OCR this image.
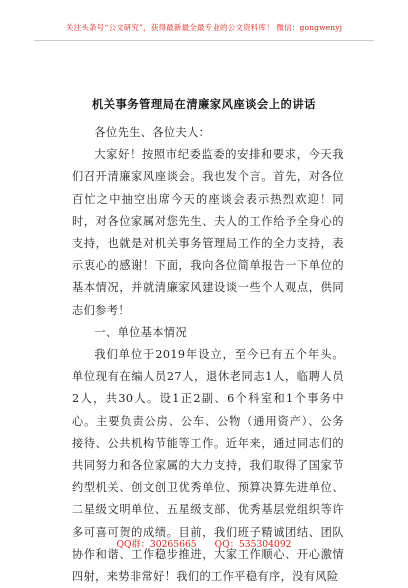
关注头条号“公文研究”，获得最新最全最专业的公文资料库！ 微信：gongwenyj
机关事务管理局在清廉家风座谈会上的讲话

各位先生、各位夫人：

大家好！按照市纪委监委的安排和要求，今天我们召开清廉家风座谈会。我也发个言。首先，对各位百忙之中抽空出席今天的座谈会表示热烈欢迎！同时，对各位家属对您先生、夫人的工作给予全身心的支持，也就是对机关事务管理局工作的全力支持，表示衷心的感谢！下面，我向各位简单报告一下单位的基本情况，并就清廉家风建设谈一些个人观点，供同志们参考！

一、单位基本情况

我们单位于2019年设立，至今已有五个年头。单位现有在编人员27人，退休老同志1人，临聘人员2人，共30人。设1正2副、6个科室和1个事务中心。主要负责公房、公车、公物（通用资产）、公务接待、公共机构节能等工作。近年来，通过同志们的共同努力和各位家属的大力支持，我们取得了国家节约型机关、创文创卫优秀单位、预算决算先进单位、二星级文明单位、五星级支部、优秀基层党组织等许多可喜可贺的成绩。目前，我们班子精诚团结、团队协作和谐、工作稳步推进，大家工作顺心、开心激情四射，来势非常好！我们的工作平稳有序，没有风险

QQ群：30265665 QQ：535304092
